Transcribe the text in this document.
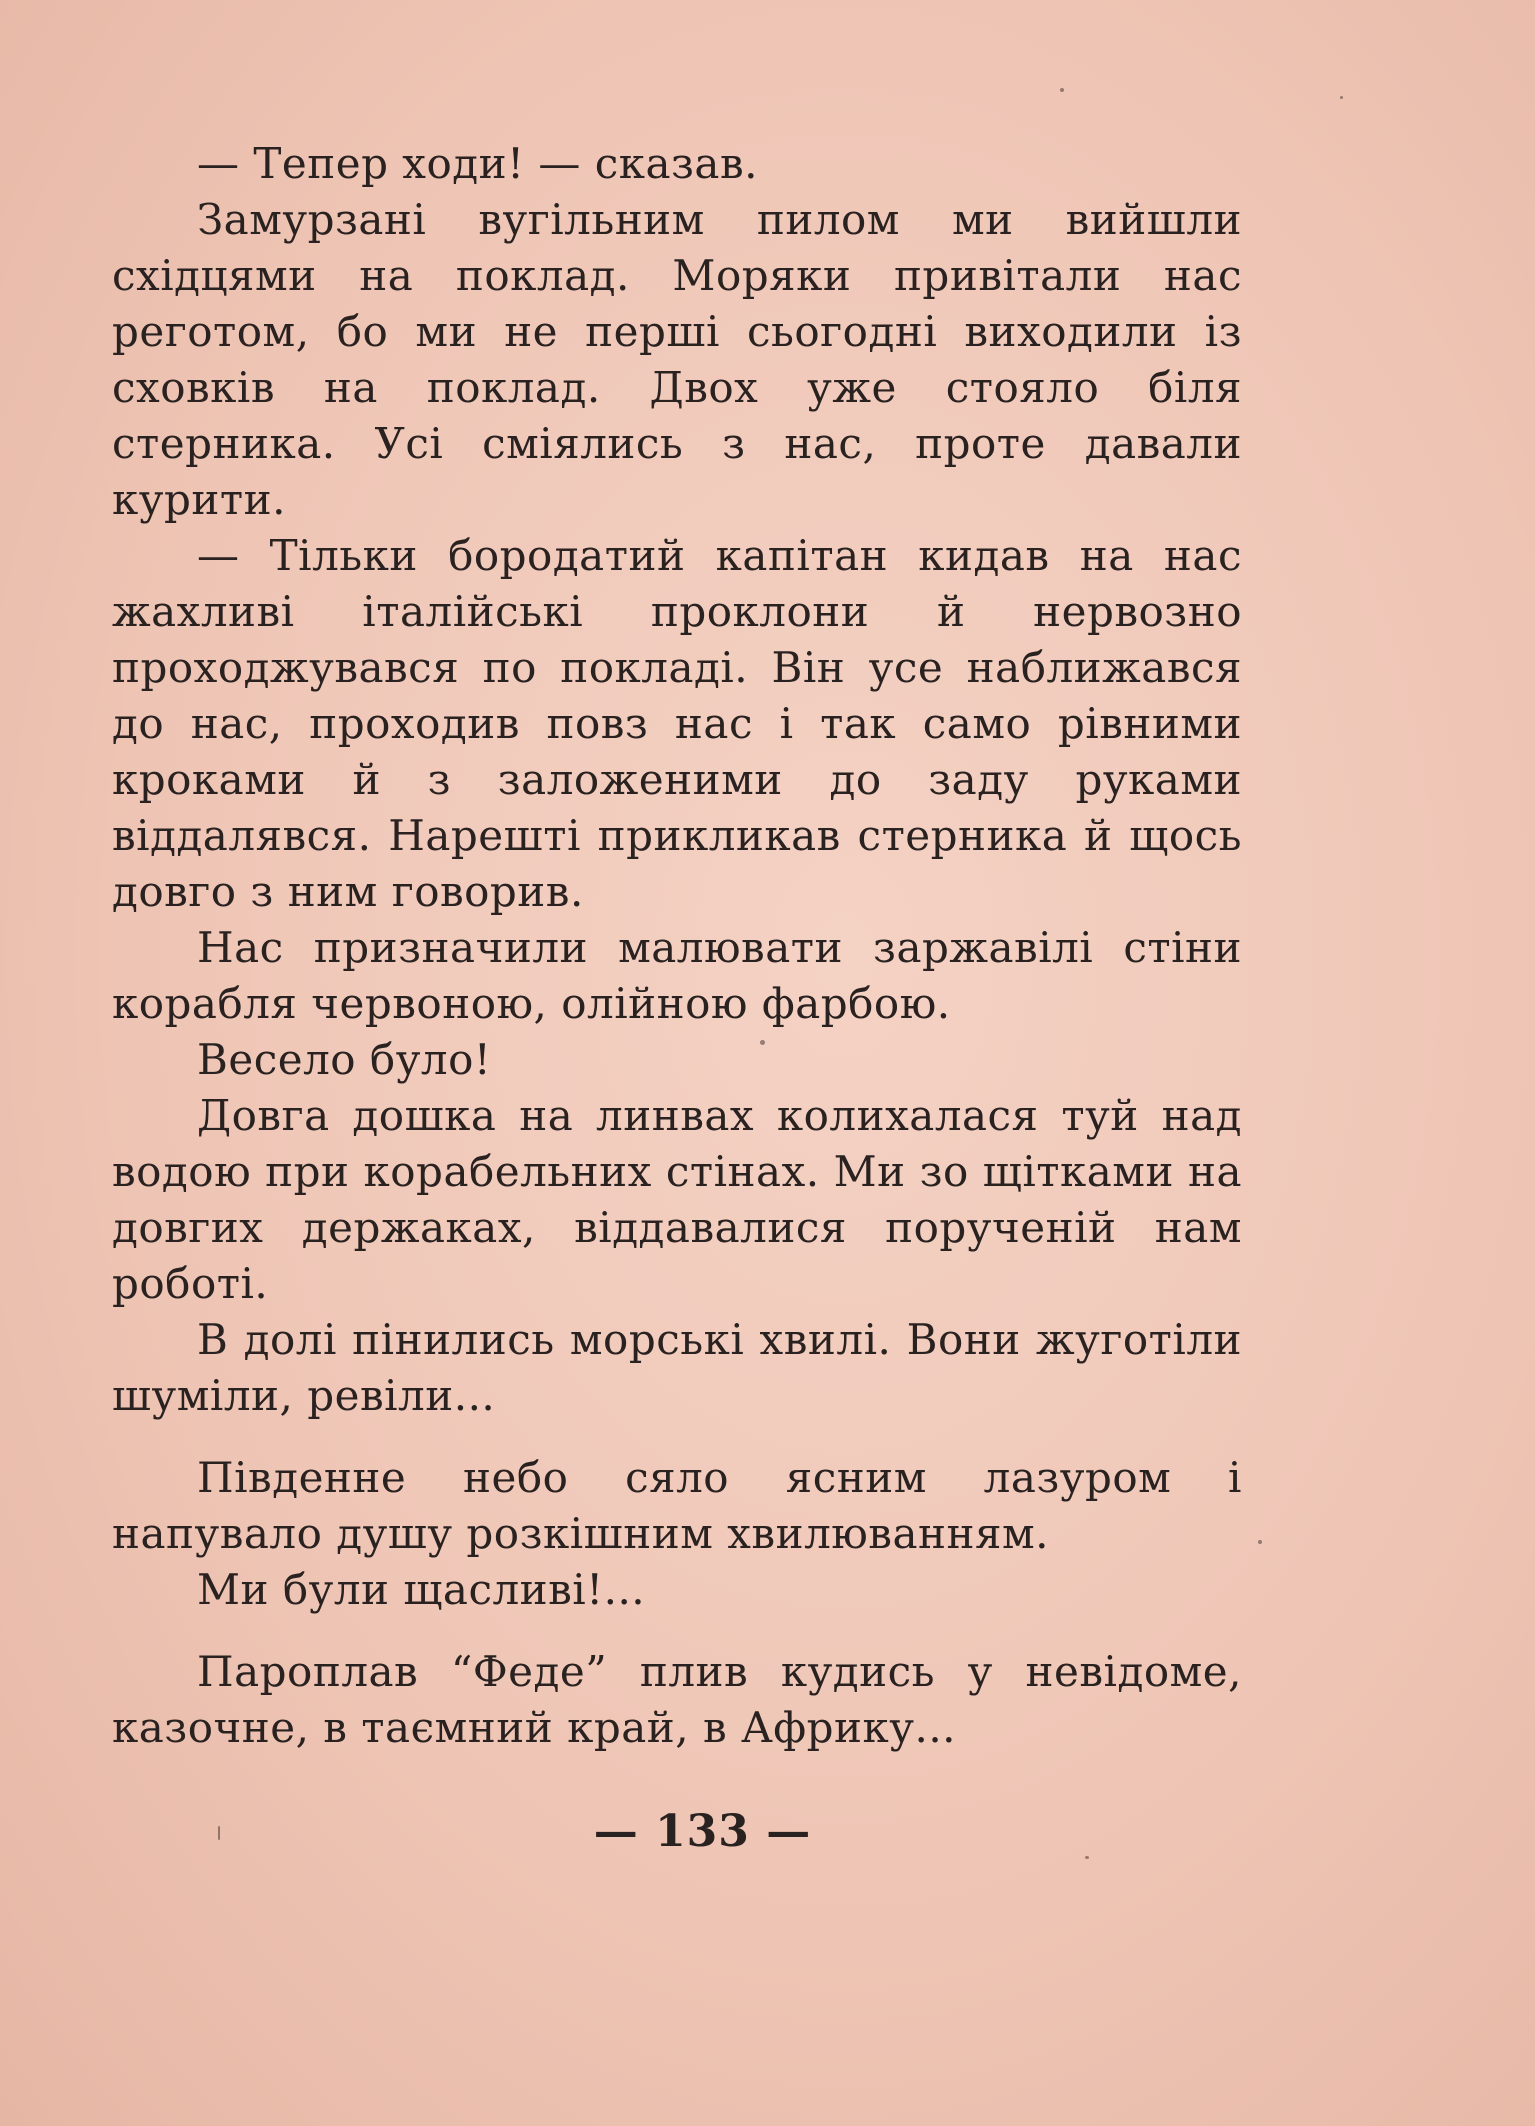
— Тепер ходи! — сказав.

Замурзані вугільним пилом ми вийшли східцями на поклад. Моряки привітали нас реготом, бо ми не перші сьогодні виходили із сховків на поклад. Двох уже стояло біля стерника. Усі сміялись з нас, проте давали курити.

— Тільки бородатий капітан кидав на нас жахливі італійські проклони й нервозно проходжувався по покладі. Він усе наближався до нас, проходив повз нас і так само рівними кроками й з заложеними до заду руками віддалявся. Нарешті прикликав стерника й щось довго з ним говорив.

Нас призначили малювати заржавілі стіни корабля червоною, олійною фарбою.

Весело було!

Довга дошка на линвах колихалася туй над водою при корабельних стінах. Ми зо щітками на довгих держаках, віддавалися порученій нам роботі.

В долі пінились морські хвилі. Вони жуготіли шуміли, ревіли...

Південне небо сяло ясним лазуром і напувало душу розкішним хвилюванням.

Ми були щасливі!...

Пароплав “Феде” плив кудись у невідоме, казочне, в таємний край, в Африку...

— 133 —
